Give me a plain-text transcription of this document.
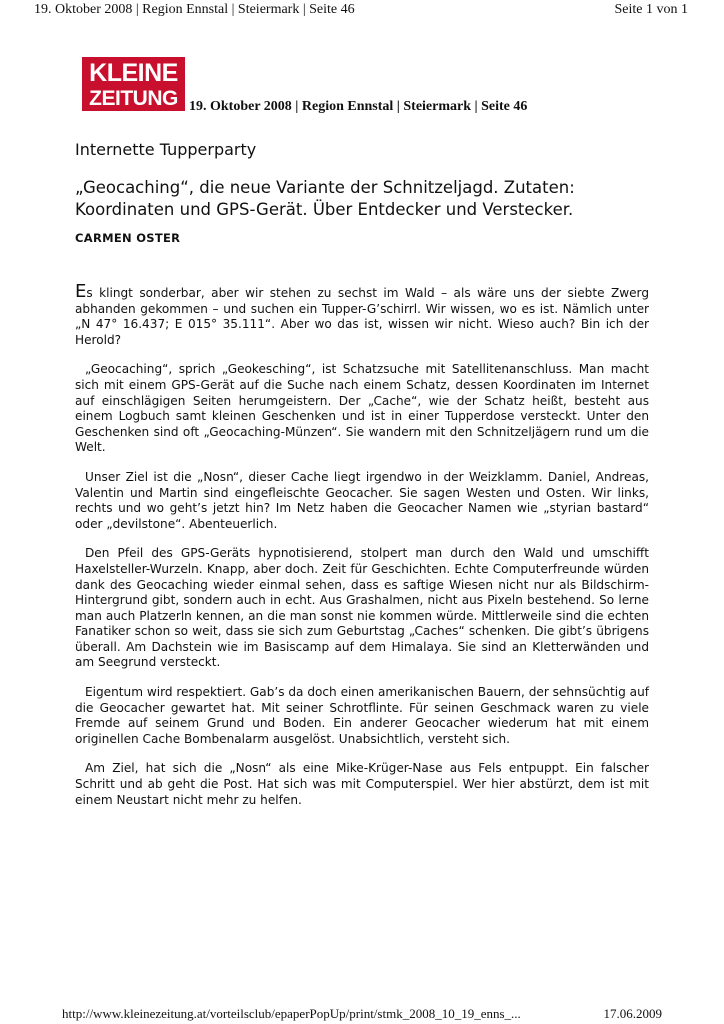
19. Oktober 2008 | Region Ennstal | Steiermark | Seite 46	Seite 1 von 1
KLEINE
ZEITUNG 19. Oktober 2008 | Region Ennstal | Steiermark | Seite 46
Internette Tupperparty
„Geocaching“, die neue Variante der Schnitzeljagd. Zutaten: Koordinaten und GPS-Gerät. Über Entdecker und Verstecker.
CARMEN OSTER

Es klingt sonderbar, aber wir stehen zu sechst im Wald – als wäre uns der siebte Zwerg abhanden gekommen – und suchen ein Tupper-G’schirrl. Wir wissen, wo es ist. Nämlich unter „N 47° 16.437; E 015° 35.111“. Aber wo das ist, wissen wir nicht. Wieso auch? Bin ich der Herold?

„Geocaching“, sprich „Geokesching“, ist Schatzsuche mit Satellitenanschluss. Man macht sich mit einem GPS-Gerät auf die Suche nach einem Schatz, dessen Koordinaten im Internet auf einschlägigen Seiten herumgeistern. Der „Cache“, wie der Schatz heißt, besteht aus einem Logbuch samt kleinen Geschenken und ist in einer Tupperdose versteckt. Unter den Geschenken sind oft „Geocaching-Münzen“. Sie wandern mit den Schnitzeljägern rund um die Welt.

Unser Ziel ist die „Nosn“, dieser Cache liegt irgendwo in der Weizklamm. Daniel, Andreas, Valentin und Martin sind eingefleischte Geocacher. Sie sagen Westen und Osten. Wir links, rechts und wo geht’s jetzt hin? Im Netz haben die Geocacher Namen wie „styrian bastard“ oder „devilstone“. Abenteuerlich.

Den Pfeil des GPS-Geräts hypnotisierend, stolpert man durch den Wald und umschifft Haxelsteller-Wurzeln. Knapp, aber doch. Zeit für Geschichten. Echte Computerfreunde würden dank des Geocaching wieder einmal sehen, dass es saftige Wiesen nicht nur als Bildschirm-Hintergrund gibt, sondern auch in echt. Aus Grashalmen, nicht aus Pixeln bestehend. So lerne man auch Platzerln kennen, an die man sonst nie kommen würde. Mittlerweile sind die echten Fanatiker schon so weit, dass sie sich zum Geburtstag „Caches“ schenken. Die gibt’s übrigens überall. Am Dachstein wie im Basiscamp auf dem Himalaya. Sie sind an Kletterwänden und am Seegrund versteckt.

Eigentum wird respektiert. Gab’s da doch einen amerikanischen Bauern, der sehnsüchtig auf die Geocacher gewartet hat. Mit seiner Schrotflinte. Für seinen Geschmack waren zu viele Fremde auf seinem Grund und Boden. Ein anderer Geocacher wiederum hat mit einem originellen Cache Bombenalarm ausgelöst. Unabsichtlich, versteht sich.

Am Ziel, hat sich die „Nosn“ als eine Mike-Krüger-Nase aus Fels entpuppt. Ein falscher Schritt und ab geht die Post. Hat sich was mit Computerspiel. Wer hier abstürzt, dem ist mit einem Neustart nicht mehr zu helfen.

http://www.kleinezeitung.at/vorteilsclub/epaperPopUp/print/stmk_2008_10_19_enns_...	17.06.2009
